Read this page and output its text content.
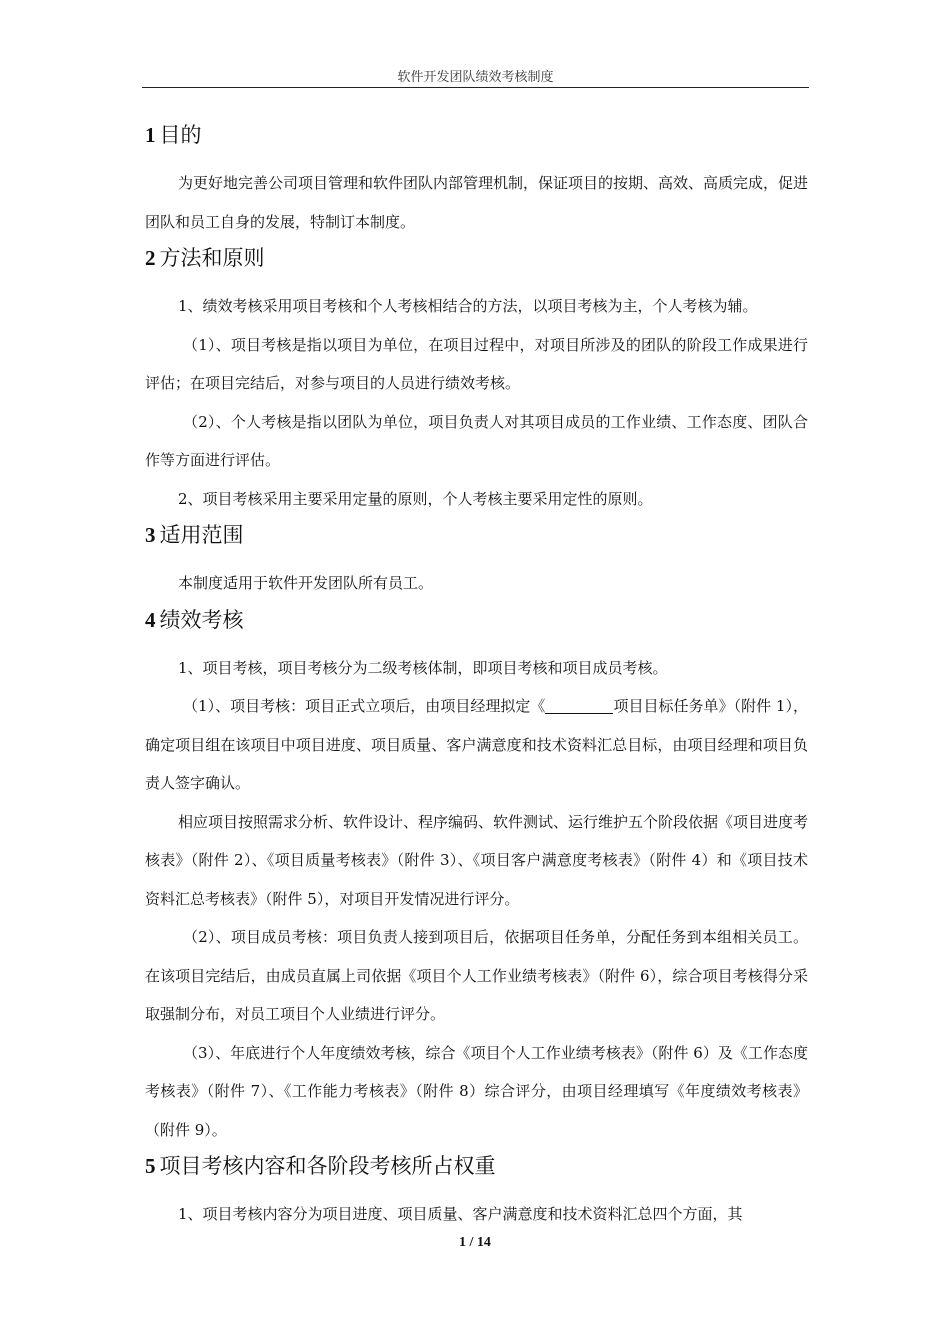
软件开发团队绩效考核制度
1 目的

为更好地完善公司项目管理和软件团队内部管理机制，保证项目的按期、高效、高质完成，促进团队和员工自身的发展，特制订本制度。

2 方法和原则

1、绩效考核采用项目考核和个人考核相结合的方法，以项目考核为主，个人考核为辅。

（1）、项目考核是指以项目为单位，在项目过程中，对项目所涉及的团队的阶段工作成果进行评估；在项目完结后，对参与项目的人员进行绩效考核。

（2）、个人考核是指以团队为单位，项目负责人对其项目成员的工作业绩、工作态度、团队合作等方面进行评估。

2、项目考核采用主要采用定量的原则，个人考核主要采用定性的原则。

3 适用范围

本制度适用于软件开发团队所有员工。

4 绩效考核

1、项目考核，项目考核分为二级考核体制，即项目考核和项目成员考核。

（1）、项目考核：项目正式立项后，由项目经理拟定《	项目目标任务单》（附件 1），确定项目组在该项目中项目进度、项目质量、客户满意度和技术资料汇总目标，由项目经理和项目负责人签字确认。

相应项目按照需求分析、软件设计、程序编码、软件测试、运行维护五个阶段依据《项目进度考核表》（附件 2）、《项目质量考核表》（附件 3）、《项目客户满意度考核表》（附件 4）和《项目技术资料汇总考核表》（附件 5），对项目开发情况进行评分。

（2）、项目成员考核：项目负责人接到项目后，依据项目任务单，分配任务到本组相关员工。在该项目完结后，由成员直属上司依据《项目个人工作业绩考核表》（附件 6），综合项目考核得分采取强制分布，对员工项目个人业绩进行评分。

（3）、年底进行个人年度绩效考核，综合《项目个人工作业绩考核表》（附件 6）及《工作态度考核表》（附件 7）、《工作能力考核表》（附件 8）综合评分，由项目经理填写《年度绩效考核表》（附件 9）。

5 项目考核内容和各阶段考核所占权重

1、项目考核内容分为项目进度、项目质量、客户满意度和技术资料汇总四个方面，其

1 / 14
